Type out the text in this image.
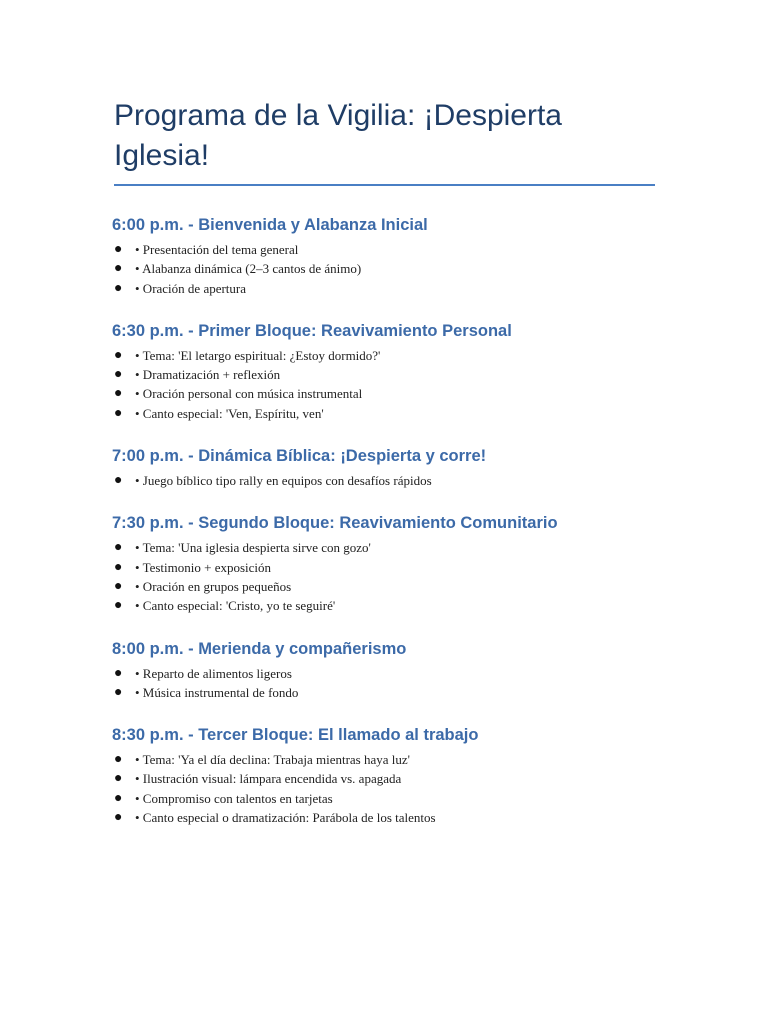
Programa de la Vigilia: ¡Despierta Iglesia!
6:00 p.m. - Bienvenida y Alabanza Inicial
● • Presentación del tema general
● • Alabanza dinámica (2–3 cantos de ánimo)
● • Oración de apertura
6:30 p.m. - Primer Bloque: Reavivamiento Personal
● • Tema: 'El letargo espiritual: ¿Estoy dormido?'
● • Dramatización + reflexión
● • Oración personal con música instrumental
● • Canto especial: 'Ven, Espíritu, ven'
7:00 p.m. - Dinámica Bíblica: ¡Despierta y corre!
● • Juego bíblico tipo rally en equipos con desafíos rápidos
7:30 p.m. - Segundo Bloque: Reavivamiento Comunitario
● • Tema: 'Una iglesia despierta sirve con gozo'
● • Testimonio + exposición
● • Oración en grupos pequeños
● • Canto especial: 'Cristo, yo te seguiré'
8:00 p.m. - Merienda y compañerismo
● • Reparto de alimentos ligeros
● • Música instrumental de fondo
8:30 p.m. - Tercer Bloque: El llamado al trabajo
● • Tema: 'Ya el día declina: Trabaja mientras haya luz'
● • Ilustración visual: lámpara encendida vs. apagada
● • Compromiso con talentos en tarjetas
● • Canto especial o dramatización: Parábola de los talentos
